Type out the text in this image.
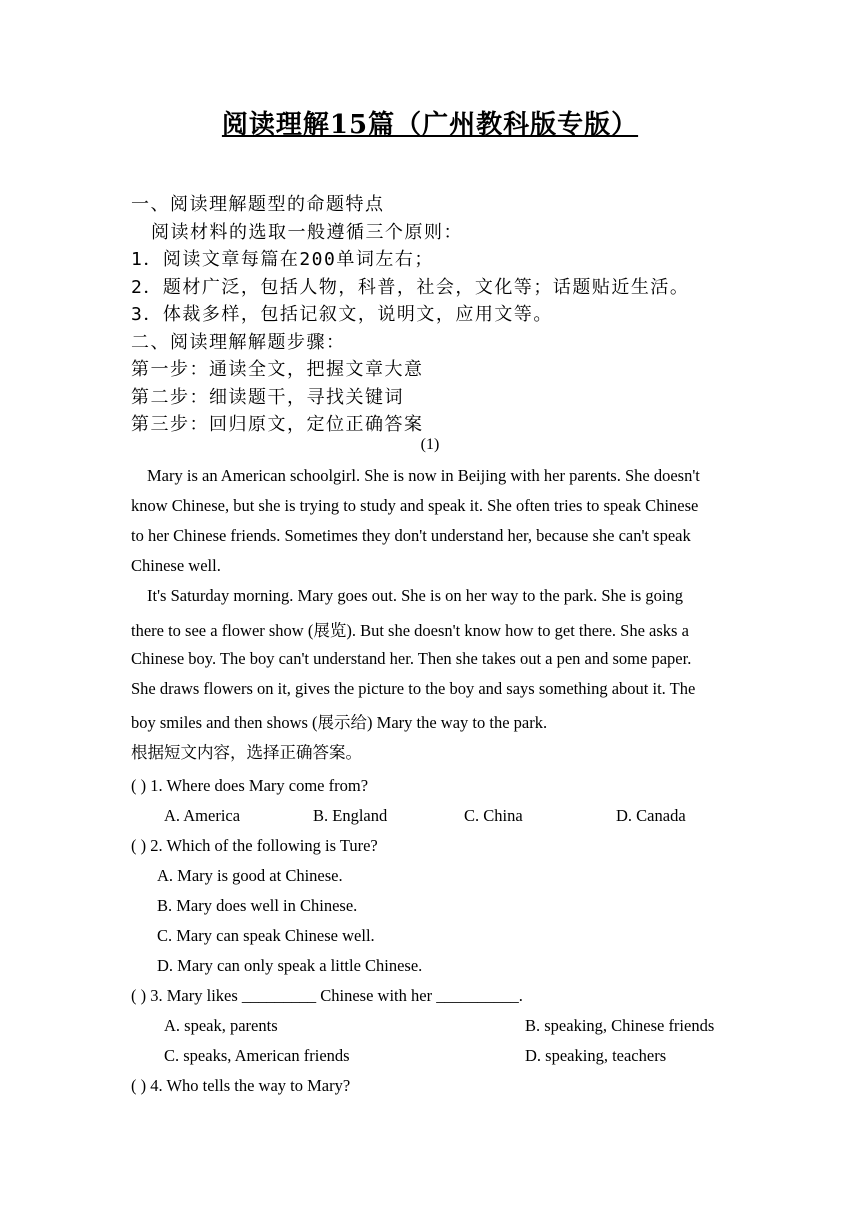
阅读理解15篇（广州教科版专版）
一、阅读理解题型的命题特点
阅读材料的选取一般遵循三个原则：
1．阅读文章每篇在200单词左右；
2．题材广泛，包括人物，科普，社会，文化等；话题贴近生活。
3．体裁多样，包括记叙文，说明文，应用文等。
二、阅读理解解题步骤：
第一步：通读全文，把握文章大意
第二步：细读题干，寻找关键词
第三步：回归原文，定位正确答案
(1)
Mary is an American schoolgirl. She is now in Beijing with her parents. She doesn't
know Chinese, but she is trying to study and speak it. She often tries to speak Chinese
to her Chinese friends. Sometimes they don't understand her, because she can't speak
Chinese well.
It's Saturday morning. Mary goes out. She is on her way to the park. She is going
there to see a flower show (展览). But she doesn't know how to get there. She asks a
Chinese boy. The boy can't understand her. Then she takes out a pen and some paper.
She draws flowers on it, gives the picture to the boy and says something about it. The
boy smiles and then shows (展示给) Mary the way to the park.
根据短文内容，选择正确答案。
( ) 1. Where does Mary come from?
A. America	B. England	C. China	D. Canada
( ) 2. Which of the following is Ture?
A. Mary is good at Chinese.
B. Mary does well in Chinese.
C. Mary can speak Chinese well.
D. Mary can only speak a little Chinese.
( ) 3. Mary likes _________ Chinese with her __________.
A. speak, parents	B. speaking, Chinese friends
C. speaks, American friends	D. speaking, teachers
( ) 4. Who tells the way to Mary?
